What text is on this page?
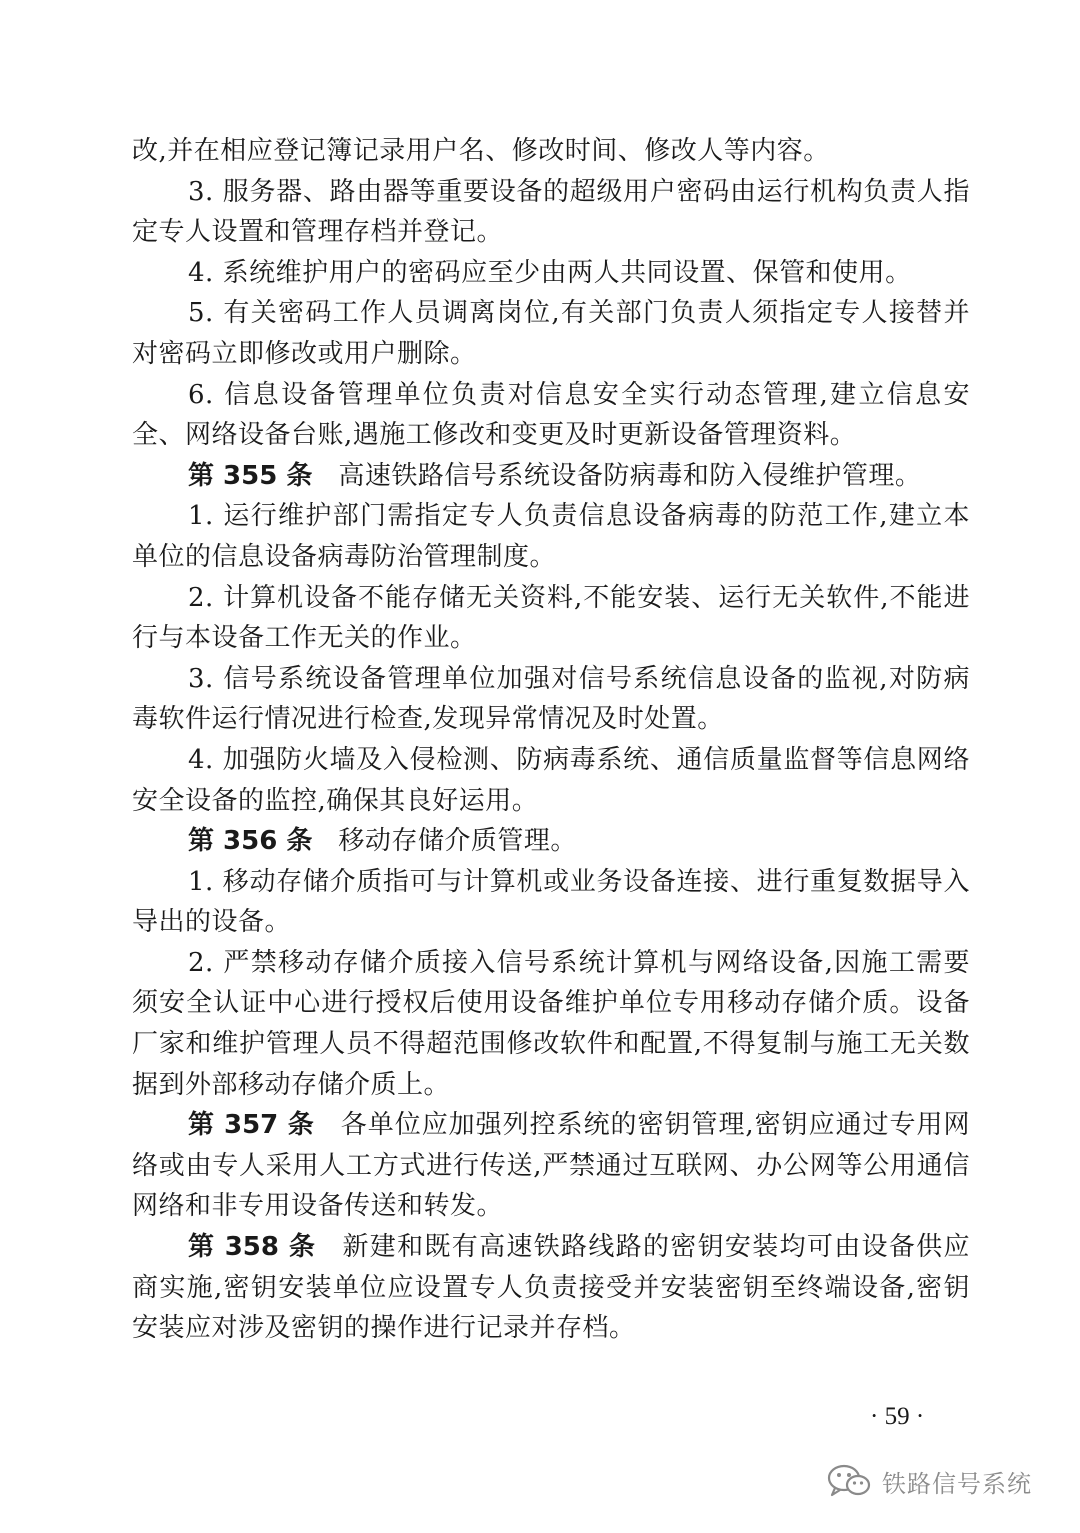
改,并在相应登记簿记录用户名、修改时间、修改人等内容。

3. 服务器、路由器等重要设备的超级用户密码由运行机构负责人指定专人设置和管理存档并登记。

4. 系统维护用户的密码应至少由两人共同设置、保管和使用。

5. 有关密码工作人员调离岗位,有关部门负责人须指定专人接替并对密码立即修改或用户删除。

6. 信息设备管理单位负责对信息安全实行动态管理,建立信息安全、网络设备台账,遇施工修改和变更及时更新设备管理资料。

第 355 条 高速铁路信号系统设备防病毒和防入侵维护管理。

1. 运行维护部门需指定专人负责信息设备病毒的防范工作,建立本单位的信息设备病毒防治管理制度。

2. 计算机设备不能存储无关资料,不能安装、运行无关软件,不能进行与本设备工作无关的作业。

3. 信号系统设备管理单位加强对信号系统信息设备的监视,对防病毒软件运行情况进行检查,发现异常情况及时处置。

4. 加强防火墙及入侵检测、防病毒系统、通信质量监督等信息网络安全设备的监控,确保其良好运用。

第 356 条 移动存储介质管理。

1. 移动存储介质指可与计算机或业务设备连接、进行重复数据导入导出的设备。

2. 严禁移动存储介质接入信号系统计算机与网络设备,因施工需要须安全认证中心进行授权后使用设备维护单位专用移动存储介质。设备厂家和维护管理人员不得超范围修改软件和配置,不得复制与施工无关数据到外部移动存储介质上。

第 357 条 各单位应加强列控系统的密钥管理,密钥应通过专用网络或由专人采用人工方式进行传送,严禁通过互联网、办公网等公用通信网络和非专用设备传送和转发。

第 358 条 新建和既有高速铁路线路的密钥安装均可由设备供应商实施,密钥安装单位应设置专人负责接受并安装密钥至终端设备,密钥安装应对涉及密钥的操作进行记录并存档。

· 59 ·
铁路信号系统
